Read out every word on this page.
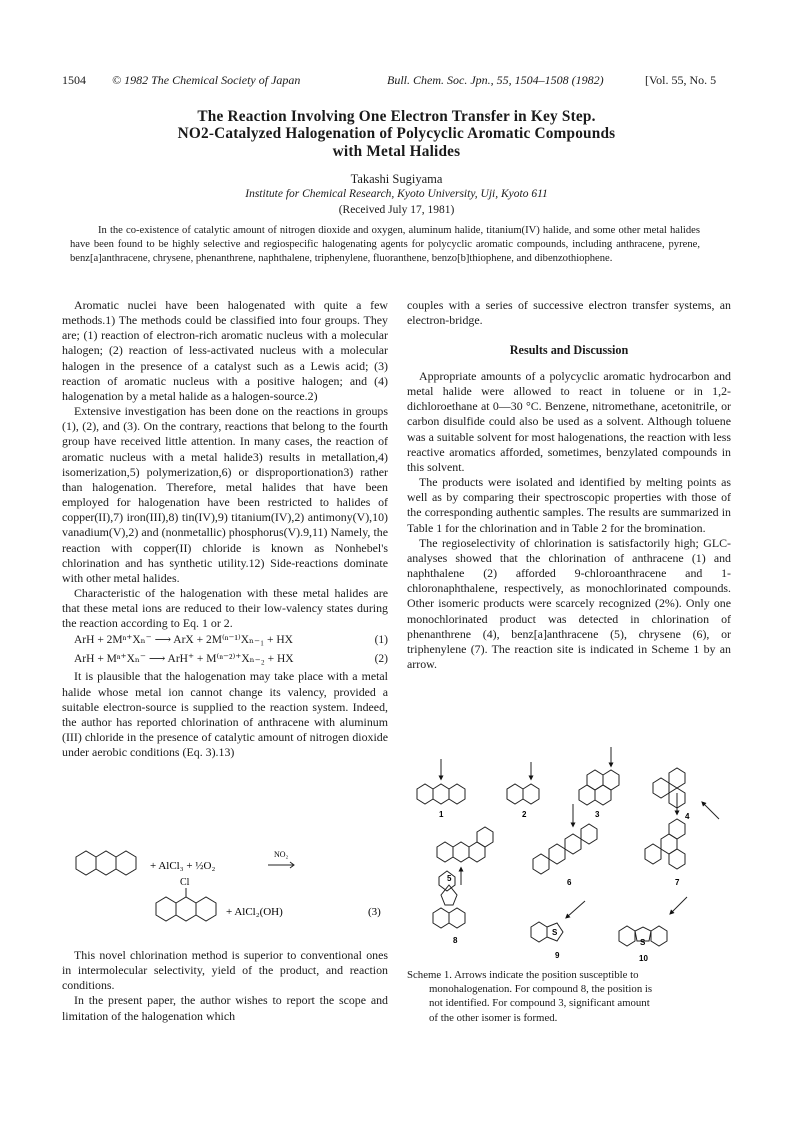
1504 © 1982 The Chemical Society of Japan	Bull. Chem. Soc. Jpn., 55, 1504–1508 (1982)	[Vol. 55, No. 5
The Reaction Involving One Electron Transfer in Key Step.
NO2-Catalyzed Halogenation of Polycyclic Aromatic Compounds
with Metal Halides
Takashi Sugiyama
Institute for Chemical Research, Kyoto University, Uji, Kyoto 611
(Received July 17, 1981)
In the co-existence of catalytic amount of nitrogen dioxide and oxygen, aluminum halide, titanium(IV) halide, and some other metal halides have been found to be highly selective and regiospecific halogenating agents for polycyclic aromatic compounds, including anthracene, pyrene, benz[a]anthracene, chrysene, phenanthrene, naphthalene, triphenylene, fluoranthene, benzo[b]thiophene, and dibenzothiophene.

Aromatic nuclei have been halogenated with quite a few methods.1) The methods could be classified into four groups. They are; (1) reaction of electron-rich aromatic nucleus with a molecular halogen; (2) reaction of less-activated nucleus with a molecular halogen in the presence of a catalyst such as a Lewis acid; (3) reaction of aromatic nucleus with a positive halogen; and (4) halogenation by a metal halide as a halogen-source.2)

Extensive investigation has been done on the reactions in groups (1), (2), and (3). On the contrary, reactions that belong to the fourth group have received little attention. In many cases, the reaction of aromatic nucleus with a metal halide3) results in metallation,4) isomerization,5) polymerization,6) or disproportionation3) rather than halogenation. Therefore, metal halides that have been employed for halogenation have been restricted to halides of copper(II),7) iron(III),8) tin(IV),9) titanium(IV),2) antimony(V),10) vanadium(V),2) and (nonmetallic) phosphorus(V).9,11) Namely, the reaction with copper(II) chloride is known as Nonhebel's chlorination and has synthetic utility.12) Side-reactions dominate with other metal halides.

Characteristic of the halogenation with these metal halides are that these metal ions are reduced to their low-valency states during the reaction according to Eq. 1 or 2.

ArH + 2Mⁿ⁺Xₙ⁻ ⟶ ArX + 2M⁽ⁿ⁻¹⁾Xₙ₋₁ + HX	(1)
ArH + Mⁿ⁺Xₙ⁻ ⟶ ArH⁺ + M⁽ⁿ⁻²⁾⁺Xₙ₋₂ + HX	(2)

It is plausible that the halogenation may take place with a metal halide whose metal ion cannot change its valency, provided a suitable electron-source is supplied to the reaction system. Indeed, the author has reported chlorination of anthracene with aluminum (III) chloride in the presence of catalytic amount of nitrogen dioxide under aerobic conditions (Eq. 3).13)

+ AlCl₃ + ½O₂
NO₂
Cl
+ AlCl₂(OH)	(3)

This novel chlorination method is superior to conventional ones in intermolecular selectivity, yield of the product, and reaction conditions.

In the present paper, the author wishes to report the scope and limitation of the halogenation which

couples with a series of successive electron transfer systems, an electron-bridge.

Results and Discussion

Appropriate amounts of a polycyclic aromatic hydrocarbon and metal halide were allowed to react in toluene or in 1,2-dichloroethane at 0—30 °C. Benzene, nitromethane, acetonitrile, or carbon disulfide could also be used as a solvent. Although toluene was a suitable solvent for most halogenations, the reaction with less reactive aromatics afforded, sometimes, benzylated compounds in this solvent.

The products were isolated and identified by melting points as well as by comparing their spectroscopic properties with those of the corresponding authentic samples. The results are summarized in Table 1 for the chlorination and in Table 2 for the bromination.

The regioselectivity of chlorination is satisfactorily high; GLC-analyses showed that the chlorination of anthracene (1) and naphthalene (2) afforded 9-chloroanthracene and 1-chloronaphthalene, respectively, as monochlorinated compounds. Other isomeric products were scarcely recognized (2%). Only one monochlorinated product was detected in chlorination of phenanthrene (4), benz[a]anthracene (5), chrysene (6), or triphenylene (7). The reaction site is indicated in Scheme 1 by an arrow.

1	2	3	4
5	6	7
8
9	10
S
S
Scheme 1. Arrows indicate the position susceptible to
monohalogenation. For compound 8, the position is
not identified. For compound 3, significant amount
of the other isomer is formed.
